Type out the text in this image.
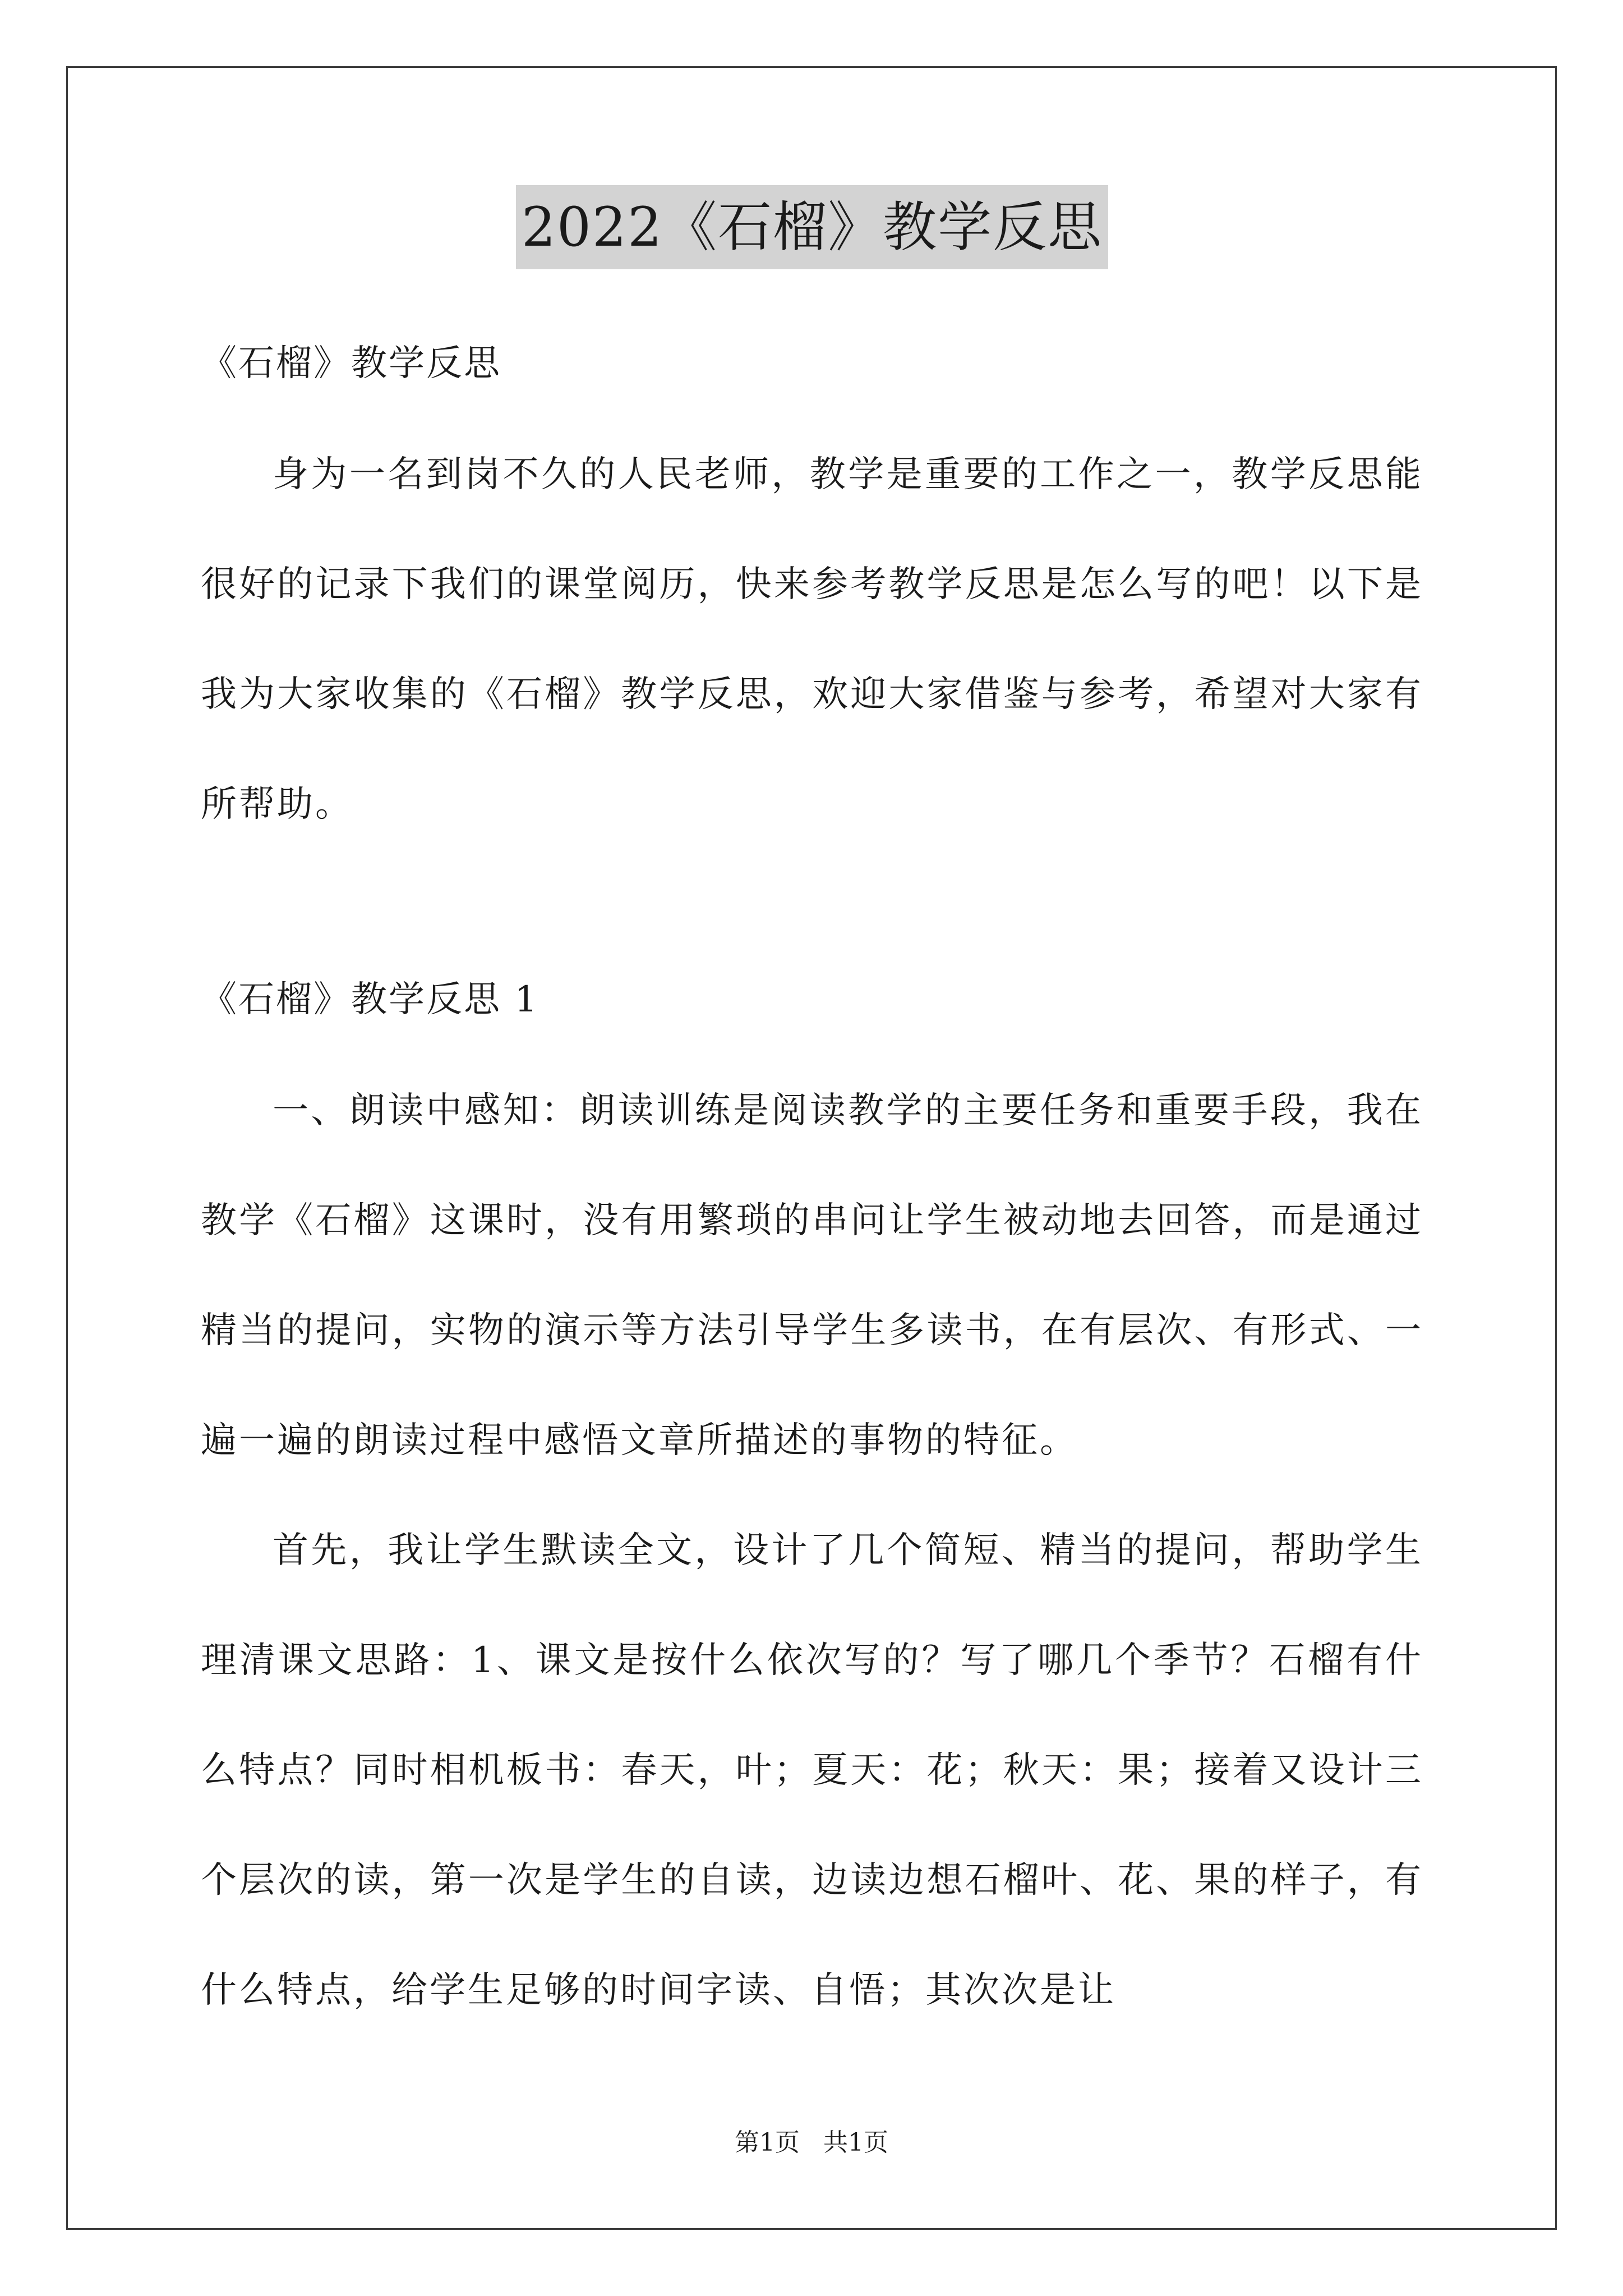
2022《石榴》教学反思

《石榴》教学反思

身为一名到岗不久的人民老师，教学是重要的工作之一，教学反思能很好的记录下我们的课堂阅历，快来参考教学反思是怎么写的吧！以下是我为大家收集的《石榴》教学反思，欢迎大家借鉴与参考，希望对大家有所帮助。

《石榴》教学反思 1

一、朗读中感知：朗读训练是阅读教学的主要任务和重要手段，我在教学《石榴》这课时，没有用繁琐的串问让学生被动地去回答，而是通过精当的提问，实物的演示等方法引导学生多读书，在有层次、有形式、一遍一遍的朗读过程中感悟文章所描述的事物的特征。

首先，我让学生默读全文，设计了几个简短、精当的提问，帮助学生理清课文思路：1、课文是按什么依次写的？写了哪几个季节？石榴有什么特点？同时相机板书：春天，叶；夏天：花；秋天：果；接着又设计三个层次的读，第一次是学生的自读，边读边想石榴叶、花、果的样子，有什么特点，给学生足够的时间字读、自悟；其次次是让

第1页 共1页
